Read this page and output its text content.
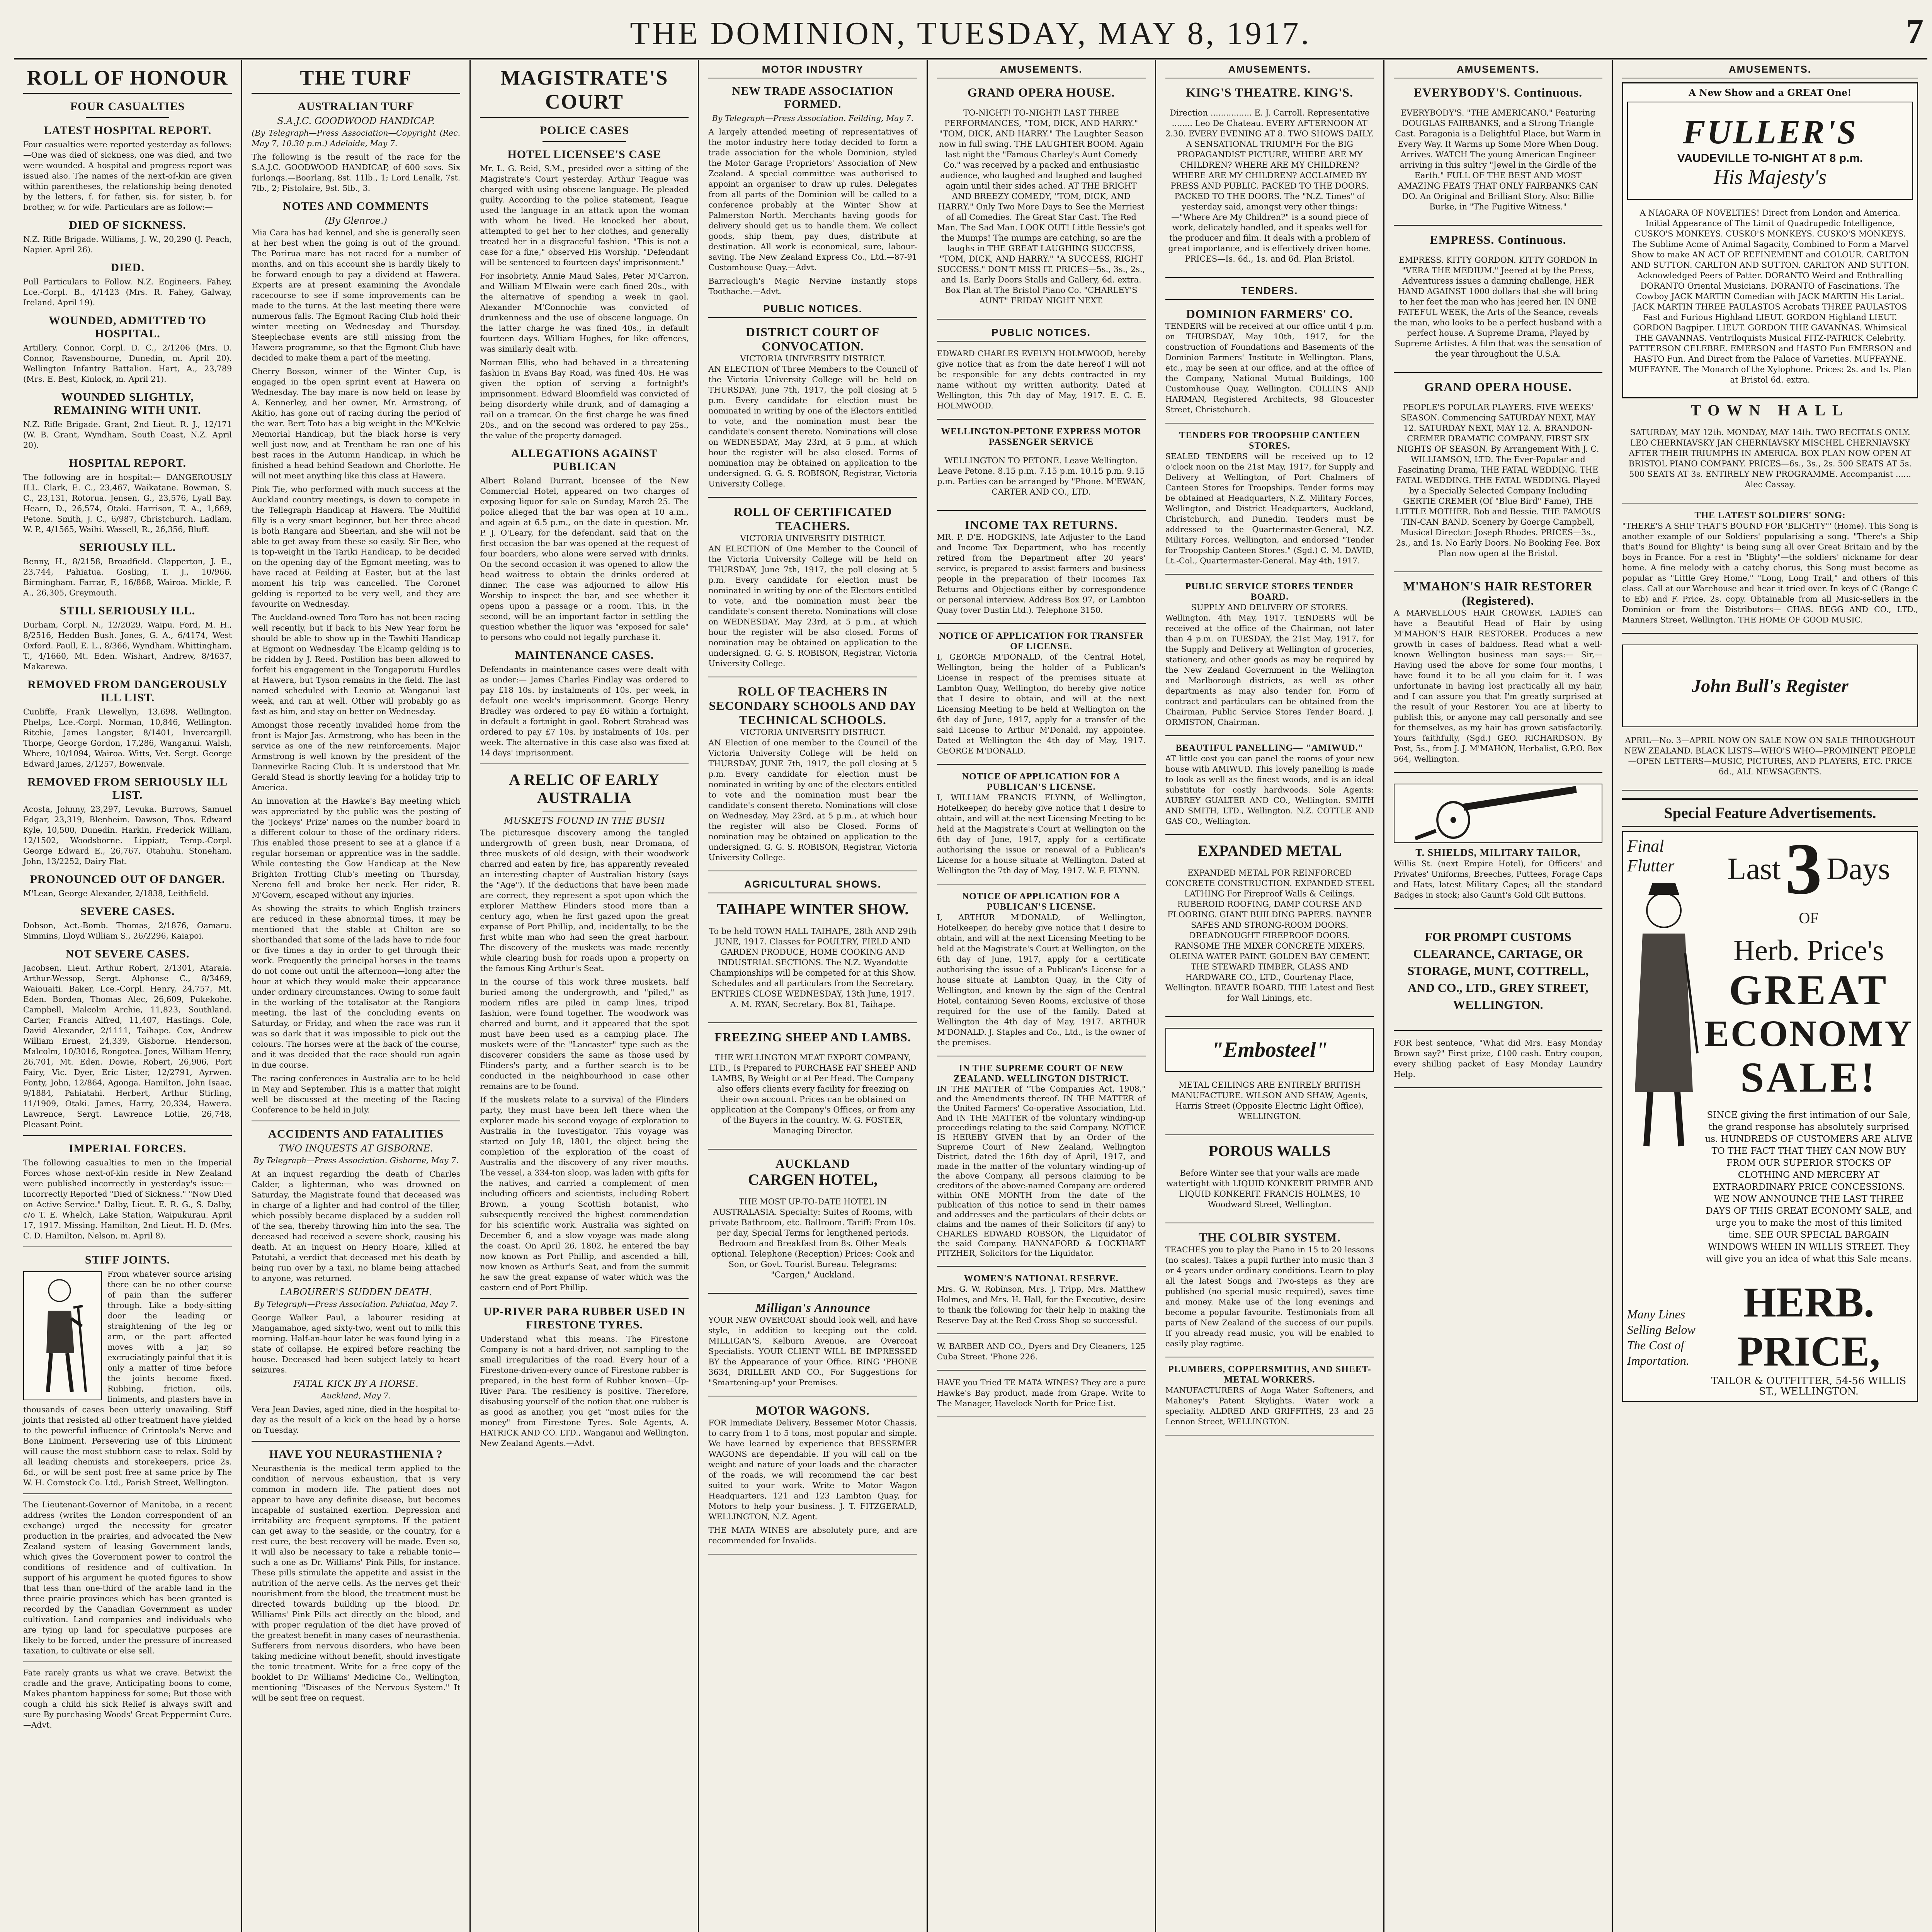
THE DOMINION, TUESDAY, MAY 8, 1917.	7
ROLL OF HONOUR
FOUR CASUALTIES
LATEST HOSPITAL REPORT.

Four casualties were reported yesterday as follows:—One was died of sickness, one was died, and two were wounded. A hospital and progress report was issued also. The names of the next-of-kin are given within parentheses, the relationship being denoted by the letters, f. for father, sis. for sister, b. for brother, w. for wife. Particulars are as follow:—

DIED OF SICKNESS.

N.Z. Rifle Brigade. Williams, J. W., 20,290 (J. Peach, Napier. April 26).

DIED.

Pull Particulars to Follow. N.Z. Engineers. Fahey, Lce.-Corpl. B., 4/1423 (Mrs. R. Fahey, Galway, Ireland. April 19).

WOUNDED, ADMITTED TO HOSPITAL.

Artillery. Connor, Corpl. D. C., 2/1206 (Mrs. D. Connor, Ravensbourne, Dunedin, m. April 20). Wellington Infantry Battalion. Hart, A., 23,789 (Mrs. E. Best, Kinlock, m. April 21).

WOUNDED SLIGHTLY, REMAINING WITH UNIT.

N.Z. Rifle Brigade. Grant, 2nd Lieut. R. J., 12/171 (W. B. Grant, Wyndham, South Coast, N.Z. April 20).

HOSPITAL REPORT.

The following are in hospital:— DANGEROUSLY ILL. Clark, E. C., 23,467, Waikatane. Bowman, S. C., 23,131, Rotorua. Jensen, G., 23,576, Lyall Bay. Hearn, D., 26,574, Otaki. Harrison, T. A., 1,669, Petone. Smith, J. C., 6/987, Christchurch. Ladlam, W. P., 4/1565, Waihi. Wassell, R., 26,356, Bluff.

SERIOUSLY ILL.

Benny, H., 8/2158, Broadfield. Clapperton, J. E., 23,744, Pahiatua. Gosling, T. J., 10/966, Birmingham. Farrar, F., 16/868, Wairoa. Mickle, F. A., 26,305, Greymouth.

STILL SERIOUSLY ILL.

Durham, Corpl. N., 12/2029, Waipu. Ford, M. H., 8/2516, Hedden Bush. Jones, G. A., 6/4174, West Oxford. Paull, E. L., 8/366, Wyndham. Whittingham, T., 4/1660, Mt. Eden. Wishart, Andrew, 8/4637, Makarewa.

REMOVED FROM DANGEROUSLY ILL LIST.

Cunliffe, Frank Llewellyn, 13,698, Wellington. Phelps, Lce.-Corpl. Norman, 10,846, Wellington. Ritchie, James Langster, 8/1401, Invercargill. Thorpe, George Gordon, 17,286, Wanganui. Walsh, Where, 10/1094, Wairoa. Witts, Vet. Sergt. George Edward James, 2/1257, Bowenvale.

REMOVED FROM SERIOUSLY ILL LIST.

Acosta, Johnny, 23,297, Levuka. Burrows, Samuel Edgar, 23,319, Blenheim. Dawson, Thos. Edward Kyle, 10,500, Dunedin. Harkin, Frederick William, 12/1502, Woodsborne. Lippiatt, Temp.-Corpl. George Edward E., 26,767, Otahuhu. Stoneham, John, 13/2252, Dairy Flat.

PRONOUNCED OUT OF DANGER.

M'Lean, George Alexander, 2/1838, Leithfield.

SEVERE CASES.

Dobson, Act.-Bomb. Thomas, 2/1876, Oamaru. Simmins, Lloyd William S., 26/2296, Kaiapoi.

NOT SEVERE CASES.

Jacobsen, Lieut. Arthur Robert, 2/1301, Ataraia. Arthur-Wessop, Sergt. Alphonse C., 8/3469, Waiouaiti. Baker, Lce.-Corpl. Henry, 24,757, Mt. Eden. Borden, Thomas Alec, 26,609, Pukekohe. Campbell, Malcolm Archie, 11,823, Southland. Carter, Francis Alfred, 11,407, Hastings. Cole, David Alexander, 2/1111, Taihape. Cox, Andrew William Ernest, 24,339, Gisborne. Henderson, Malcolm, 10/3016, Rongotea. Jones, William Henry, 26,701, Mt. Eden. Dowie, Robert, 26,906, Port Fairy, Vic. Dyer, Eric Lister, 12/2791, Ayrwen. Fonty, John, 12/864, Agonga. Hamilton, John Isaac, 9/1884, Pahiatahi. Herbert, Arthur Stirling, 11/1909, Otaki. James, Harry, 20,334, Hawera. Lawrence, Sergt. Lawrence Lotiie, 26,748, Pleasant Point.

IMPERIAL FORCES.

The following casualties to men in the Imperial Forces whose next-of-kin reside in New Zealand were published incorrectly in yesterday's issue:— Incorrectly Reported "Died of Sickness." "Now Died on Active Service." Dalby, Lieut. E. R. G., S. Dalby, c/o T. E. Whelch, Lake Station, Waipukurau. April 17, 1917. Missing. Hamilton, 2nd Lieut. H. D. (Mrs. C. D. Hamilton, Nelson, m. April 8).

STIFF JOINTS.

From whatever source arising there can be no other course of pain than the sufferer through. Like a body-sitting door the leading or straightening of the leg or arm, or the part affected moves with a jar, so excruciatingly painful that it is only a matter of time before the joints become fixed. Rubbing, friction, oils, liniments, and plasters have in thousands of cases been utterly unavailing. Stiff joints that resisted all other treatment have yielded to the powerful influence of Crintoola's Nerve and Bone Liniment. Persevering use of this Liniment will cause the most stubborn case to relax. Sold by all leading chemists and storekeepers, price 2s. 6d., or will be sent post free at same price by The W. H. Comstock Co. Ltd., Parish Street, Wellington.

The Lieutenant-Governor of Manitoba, in a recent address (writes the London correspondent of an exchange) urged the necessity for greater production in the prairies, and advocated the New Zealand system of leasing Government lands, which gives the Government power to control the conditions of residence and of cultivation. In support of his argument he quoted figures to show that less than one-third of the arable land in the three prairie provinces which has been granted is recorded by the Canadian Government as under cultivation. Land companies and individuals who are tying up land for speculative purposes are likely to be forced, under the pressure of increased taxation, to cultivate or else sell.

Fate rarely grants us what we crave. Betwixt the cradle and the grave, Anticipating boons to come, Makes phantom happiness for some; But those with cough a child his sick Relief is always swift and sure By purchasing Woods' Great Peppermint Cure.—Advt.

THE TURF
AUSTRALIAN TURF
S.A.J.C. GOODWOOD HANDICAP.

(By Telegraph—Press Association—Copyright (Rec. May 7, 10.30 p.m.) Adelaide, May 7.

The following is the result of the race for the S.A.J.C. GOODWOOD HANDICAP, of 600 sovs. Six furlongs.—Boorlang, 8st. 11lb., 1; Lord Lenalk, 7st. 7lb., 2; Pistolaire, 9st. 5lb., 3.

NOTES AND COMMENTS
(By Glenroe.)

Mia Cara has had kennel, and she is generally seen at her best when the going is out of the ground. The Porirua mare has not raced for a number of months, and on this account she is hardly likely to be forward enough to pay a dividend at Hawera. Experts are at present examining the Avondale racecourse to see if some improvements can be made to the turns. At the last meeting there were numerous falls. The Egmont Racing Club hold their winter meeting on Wednesday and Thursday. Steeplechase events are still missing from the Hawera programme, so that the Egmont Club have decided to make them a part of the meeting.

Cherry Bosson, winner of the Winter Cup, is engaged in the open sprint event at Hawera on Wednesday. The bay mare is now held on lease by A. Kennerley, and her owner, Mr. Armstrong, of Akitio, has gone out of racing during the period of the war. Bert Toto has a big weight in the M'Kelvie Memorial Handicap, but the black horse is very well just now, and at Trentham he ran one of his best races in the Autumn Handicap, in which he finished a head behind Seadown and Chorlotte. He will not meet anything like this class at Hawera.

Pink Tie, who performed with much success at the Auckland country meetings, is down to compete in the Tellegraph Handicap at Hawera. The Multifid filly is a very smart beginner, but her three ahead is both Rangara and Sheerian, and she will not be able to get away from these so easily. Sir Bee, who is top-weight in the Tariki Handicap, to be decided on the opening day of the Egmont meeting, was to have raced at Feilding at Easter, but at the last moment his trip was cancelled. The Coronet gelding is reported to be very well, and they are favourite on Wednesday.

The Auckland-owned Toro Toro has not been racing well recently, but if back to his New Year form he should be able to show up in the Tawhiti Handicap at Egmont on Wednesday. The Elcamp gelding is to be ridden by J. Reed. Postilion has been allowed to forfeit his engagement in the Tongaporutu Hurdles at Hawera, but Tyson remains in the field. The last named scheduled with Leonio at Wanganui last week, and ran at well. Other will probably go as fast as him, and stay on better on Wednesday.

Amongst those recently invalided home from the front is Major Jas. Armstrong, who has been in the service as one of the new reinforcements. Major Armstrong is well known by the president of the Dannevirke Racing Club. It is understood that Mr. Gerald Stead is shortly leaving for a holiday trip to America.

An innovation at the Hawke's Bay meeting which was appreciated by the public was the posting of the 'Jockeys' Prize' names on the number board in a different colour to those of the ordinary riders. This enabled those present to see at a glance if a regular horseman or apprentice was in the saddle. While contesting the Gow Handicap at the New Brighton Trotting Club's meeting on Thursday, Nereno fell and broke her neck. Her rider, R. M'Govern, escaped without any injuries.

As showing the straits to which English trainers are reduced in these abnormal times, it may be mentioned that the stable at Chilton are so shorthanded that some of the lads have to ride four or five times a day in order to get through their work. Frequently the principal horses in the teams do not come out until the afternoon—long after the hour at which they would make their appearance under ordinary circumstances. Owing to some fault in the working of the totalisator at the Rangiora meeting, the last of the concluding events on Saturday, or Friday, and when the race was run it was so dark that it was impossible to pick out the colours. The horses were at the back of the course, and it was decided that the race should run again in due course.

The racing conferences in Australia are to be held in May and September. This is a matter that might well be discussed at the meeting of the Racing Conference to be held in July.

ACCIDENTS AND FATALITIES
TWO INQUESTS AT GISBORNE.

By Telegraph—Press Association. Gisborne, May 7.

At an inquest regarding the death of Charles Calder, a lighterman, who was drowned on Saturday, the Magistrate found that deceased was in charge of a lighter and had control of the tiller, which possibly became displaced by a sudden roll of the sea, thereby throwing him into the sea. The deceased had received a severe shock, causing his death. At an inquest on Henry Hoare, killed at Patutahi, a verdict that deceased met his death by being run over by a taxi, no blame being attached to anyone, was returned.

LABOURER'S SUDDEN DEATH.

By Telegraph—Press Association. Pahiatua, May 7.

George Walker Paul, a labourer residing at Mangamahoe, aged sixty-two, went out to milk this morning. Half-an-hour later he was found lying in a state of collapse. He expired before reaching the house. Deceased had been subject lately to heart seizures.

FATAL KICK BY A HORSE.

Auckland, May 7.

Vera Jean Davies, aged nine, died in the hospital to-day as the result of a kick on the head by a horse on Tuesday.

HAVE YOU NEURASTHENIA ?

Neurasthenia is the medical term applied to the condition of nervous exhaustion, that is very common in modern life. The patient does not appear to have any definite disease, but becomes incapable of sustained exertion. Depression and irritability are frequent symptoms. If the patient can get away to the seaside, or the country, for a rest cure, the best recovery will be made. Even so, it will also be necessary to take a reliable tonic—such a one as Dr. Williams' Pink Pills, for instance. These pills stimulate the appetite and assist in the nutrition of the nerve cells. As the nerves get their nourishment from the blood, the treatment must be directed towards building up the blood. Dr. Williams' Pink Pills act directly on the blood, and with proper regulation of the diet have proved of the greatest benefit in many cases of neurasthenia. Sufferers from nervous disorders, who have been taking medicine without benefit, should investigate the tonic treatment. Write for a free copy of the booklet to Dr. Williams' Medicine Co., Wellington, mentioning "Diseases of the Nervous System." It will be sent free on request.

MAGISTRATE'S COURT
POLICE CASES
HOTEL LICENSEE'S CASE

Mr. L. G. Reid, S.M., presided over a sitting of the Magistrate's Court yesterday. Arthur Teague was charged with using obscene language. He pleaded guilty. According to the police statement, Teague used the language in an attack upon the woman with whom he lived. He knocked her about, attempted to get her to her clothes, and generally treated her in a disgraceful fashion. "This is not a case for a fine," observed His Worship. "Defendant will be sentenced to fourteen days' imprisonment."

For insobriety, Annie Maud Sales, Peter M'Carron, and William M'Elwain were each fined 20s., with the alternative of spending a week in gaol. Alexander M'Connochie was convicted of drunkenness and the use of obscene language. On the latter charge he was fined 40s., in default fourteen days. William Hughes, for like offences, was similarly dealt with.

Norman Ellis, who had behaved in a threatening fashion in Evans Bay Road, was fined 40s. He was given the option of serving a fortnight's imprisonment. Edward Bloomfield was convicted of being disorderly while drunk, and of damaging a rail on a tramcar. On the first charge he was fined 20s., and on the second was ordered to pay 25s., the value of the property damaged.

ALLEGATIONS AGAINST PUBLICAN

Albert Roland Durrant, licensee of the New Commercial Hotel, appeared on two charges of exposing liquor for sale on Sunday, March 25. The police alleged that the bar was open at 10 a.m., and again at 6.5 p.m., on the date in question. Mr. P. J. O'Leary, for the defendant, said that on the first occasion the bar was opened at the request of four boarders, who alone were served with drinks. On the second occasion it was opened to allow the head waitress to obtain the drinks ordered at dinner. The case was adjourned to allow His Worship to inspect the bar, and see whether it opens upon a passage or a room. This, in the second, will be an important factor in settling the question whether the liquor was "exposed for sale" to persons who could not legally purchase it.

MAINTENANCE CASES.

Defendants in maintenance cases were dealt with as under:— James Charles Findlay was ordered to pay £18 10s. by instalments of 10s. per week, in default one week's imprisonment. George Henry Bradley was ordered to pay £6 within a fortnight, in default a fortnight in gaol. Robert Strahead was ordered to pay £7 10s. by instalments of 10s. per week. The alternative in this case also was fixed at 14 days' imprisonment.

A RELIC OF EARLY AUSTRALIA
MUSKETS FOUND IN THE BUSH

The picturesque discovery among the tangled undergrowth of green bush, near Dromana, of three muskets of old design, with their woodwork charred and eaten by fire, has apparently revealed an interesting chapter of Australian history (says the "Age"). If the deductions that have been made are correct, they represent a spot upon which the explorer Matthew Flinders stood more than a century ago, when he first gazed upon the great expanse of Port Phillip, and, incidentally, to be the first white man who had seen the great harbour. The discovery of the muskets was made recently while clearing bush for roads upon a property on the famous King Arthur's Seat.

In the course of this work three muskets, half buried among the undergrowth, and "piled," as modern rifles are piled in camp lines, tripod fashion, were found together. The woodwork was charred and burnt, and it appeared that the spot must have been used as a camping place. The muskets were of the "Lancaster" type such as the discoverer considers the same as those used by Flinders's party, and a further search is to be conducted in the neighbourhood in case other remains are to be found.

If the muskets relate to a survival of the Flinders party, they must have been left there when the explorer made his second voyage of exploration to Australia in the Investigator. This voyage was started on July 18, 1801, the object being the completion of the exploration of the coast of Australia and the discovery of any river mouths. The vessel, a 334-ton sloop, was laden with gifts for the natives, and carried a complement of men including officers and scientists, including Robert Brown, a young Scottish botanist, who subsequently received the highest commendation for his scientific work. Australia was sighted on December 6, and a slow voyage was made along the coast. On April 26, 1802, he entered the bay now known as Port Phillip, and ascended a hill, now known as Arthur's Seat, and from the summit he saw the great expanse of water which was the eastern end of Port Phillip.

UP-RIVER PARA RUBBER USED IN FIRESTONE TYRES.

Understand what this means. The Firestone Company is not a hard-driver, not sampling to the small irregularities of the road. Every hour of a Firestone-driven-every ounce of Firestone rubber is prepared, in the best form of Rubber known—Up-River Para. The resiliency is positive. Therefore, disabusing yourself of the notion that one rubber is as good as another, you get "most miles for the money" from Firestone Tyres. Sole Agents, A. HATRICK AND CO. LTD., Wanganui and Wellington, New Zealand Agents.—Advt.

MOTOR INDUSTRY
NEW TRADE ASSOCIATION FORMED.

By Telegraph—Press Association. Feilding, May 7.

A largely attended meeting of representatives of the motor industry here today decided to form a trade association for the whole Dominion, styled the Motor Garage Proprietors' Association of New Zealand. A special committee was authorised to appoint an organiser to draw up rules. Delegates from all parts of the Dominion will be called to a conference probably at the Winter Show at Palmerston North. Merchants having goods for delivery should get us to handle them. We collect goods, ship them, pay dues, distribute at destination. All work is economical, sure, labour-saving. The New Zealand Express Co., Ltd.—87-91 Customhouse Quay.—Advt.

Barraclough's Magic Nervine instantly stops Toothache.—Advt.

PUBLIC NOTICES.
DISTRICT COURT OF CONVOCATION.
VICTORIA UNIVERSITY DISTRICT.

AN ELECTION of Three Members to the Council of the Victoria University College will be held on THURSDAY, June 7th, 1917, the poll closing at 5 p.m. Every candidate for election must be nominated in writing by one of the Electors entitled to vote, and the nomination must bear the candidate's consent thereto. Nominations will close on WEDNESDAY, May 23rd, at 5 p.m., at which hour the register will be also closed. Forms of nomination may be obtained on application to the undersigned. G. G. S. ROBISON, Registrar, Victoria University College.

ROLL OF CERTIFICATED TEACHERS.
VICTORIA UNIVERSITY DISTRICT.

AN ELECTION of One Member to the Council of the Victoria University College will be held on THURSDAY, June 7th, 1917, the poll closing at 5 p.m. Every candidate for election must be nominated in writing by one of the Electors entitled to vote, and the nomination must bear the candidate's consent thereto. Nominations will close on WEDNESDAY, May 23rd, at 5 p.m., at which hour the register will be also closed. Forms of nomination may be obtained on application to the undersigned. G. G. S. ROBISON, Registrar, Victoria University College.

ROLL OF TEACHERS IN SECONDARY SCHOOLS AND DAY TECHNICAL SCHOOLS.
VICTORIA UNIVERSITY DISTRICT.

AN Election of one member to the Council of the Victoria University College will be held on THURSDAY, JUNE 7th, 1917, the poll closing at 5 p.m. Every candidate for election must be nominated in writing by one of the electors entitled to vote and the nomination must bear the candidate's consent thereto. Nominations will close on Wednesday, May 23rd, at 5 p.m., at which hour the register will also be Closed. Forms of nomination may be obtained on application to the undersigned. G. G. S. ROBISON, Registrar, Victoria University College.

AGRICULTURAL SHOWS.
TAIHAPE WINTER SHOW.

To be held TOWN HALL TAIHAPE, 28th AND 29th JUNE, 1917. Classes for POULTRY, FIELD AND GARDEN PRODUCE, HOME COOKING AND INDUSTRIAL SECTIONS. The N.Z. Wyandotte Championships will be competed for at this Show. Schedules and all particulars from the Secretary. ENTRIES CLOSE WEDNESDAY, 13th June, 1917. A. M. RYAN, Secretary. Box 81, Taihape.

FREEZING SHEEP AND LAMBS.

THE WELLINGTON MEAT EXPORT COMPANY, LTD., Is Prepared to PURCHASE FAT SHEEP AND LAMBS, By Weight or at Per Head. The Company also offers clients every facility for freezing on their own account. Prices can be obtained on application at the Company's Offices, or from any of the Buyers in the country. W. G. FOSTER, Managing Director.

AUCKLAND
CARGEN HOTEL,

THE MOST UP-TO-DATE HOTEL IN AUSTRALASIA. Specialty: Suites of Rooms, with private Bathroom, etc. Ballroom. Tariff: From 10s. per day, Special Terms for lengthened periods. Bedroom and Breakfast from 8s. Other Meals optional. Telephone (Reception) Prices: Cook and Son, or Govt. Tourist Bureau. Telegrams: "Cargen," Auckland.

Milligan's Announce

YOUR NEW OVERCOAT should look well, and have style, in addition to keeping out the cold. MILLIGAN'S, Kelburn Avenue, are Overcoat Specialists. YOUR CLIENT WILL BE IMPRESSED BY the Appearance of your Office. RING 'PHONE 3634, DRILLER AND CO., For Suggestions for "Smartening-up" your Premises.

MOTOR WAGONS.

FOR Immediate Delivery, Bessemer Motor Chassis, to carry from 1 to 5 tons, most popular and simple. We have learned by experience that BESSEMER WAGONS are dependable. If you will call on the weight and nature of your loads and the character of the roads, we will recommend the car best suited to your work. Write to Motor Wagon Headquarters, 121 and 123 Lambton Quay, for Motors to help your business. J. T. FITZGERALD, WELLINGTON, N.Z. Agent.

THE MATA WINES are absolutely pure, and are recommended for Invalids.

AMUSEMENTS.
GRAND OPERA HOUSE.

TO-NIGHT! TO-NIGHT! LAST THREE PERFORMANCES, "TOM, DICK, AND HARRY." "TOM, DICK, AND HARRY." The Laughter Season now in full swing. THE LAUGHTER BOOM. Again last night the "Famous Charley's Aunt Comedy Co." was received by a packed and enthusiastic audience, who laughed and laughed and laughed again until their sides ached. AT THE BRIGHT AND BREEZY COMEDY, "TOM, DICK, AND HARRY." Only Two More Days to See the Merriest of all Comedies. The Great Star Cast. The Red Man. The Sad Man. LOOK OUT! Little Bessie's got the Mumps! The mumps are catching, so are the laughs in THE GREAT LAUGHING SUCCESS, "TOM, DICK, AND HARRY." "A SUCCESS, RIGHT SUCCESS." DON'T MISS IT. PRICES—5s., 3s., 2s., and 1s. Early Doors Stalls and Gallery, 6d. extra. Box Plan at The Bristol Piano Co. "CHARLEY'S AUNT" FRIDAY NIGHT NEXT.

PUBLIC NOTICES.

EDWARD CHARLES EVELYN HOLMWOOD, hereby give notice that as from the date hereof I will not be responsible for any debts contracted in my name without my written authority. Dated at Wellington, this 7th day of May, 1917. E. C. E. HOLMWOOD.

WELLINGTON-PETONE EXPRESS MOTOR PASSENGER SERVICE

WELLINGTON TO PETONE. Leave Wellington. Leave Petone. 8.15 p.m. 7.15 p.m. 10.15 p.m. 9.15 p.m. Parties can be arranged by "Phone. M'EWAN, CARTER AND CO., LTD.

INCOME TAX RETURNS.

MR. P. D'E. HODGKINS, late Adjuster to the Land and Income Tax Department, who has recently retired from the Department after 20 years' service, is prepared to assist farmers and business people in the preparation of their Incomes Tax Returns and Objections either by correspondence or personal interview. Address Box 97, or Lambton Quay (over Dustin Ltd.). Telephone 3150.

NOTICE OF APPLICATION FOR TRANSFER OF LICENSE.

I, GEORGE M'DONALD, of the Central Hotel, Wellington, being the holder of a Publican's License in respect of the premises situate at Lambton Quay, Wellington, do hereby give notice that I desire to obtain, and will at the next Licensing Meeting to be held at Wellington on the 6th day of June, 1917, apply for a transfer of the said License to Arthur M'Donald, my appointee. Dated at Wellington the 4th day of May, 1917. GEORGE M'DONALD.

NOTICE OF APPLICATION FOR A PUBLICAN'S LICENSE.

I, WILLIAM FRANCIS FLYNN, of Wellington, Hotelkeeper, do hereby give notice that I desire to obtain, and will at the next Licensing Meeting to be held at the Magistrate's Court at Wellington on the 6th day of June, 1917, apply for a certificate authorising the issue or renewal of a Publican's License for a house situate at Wellington. Dated at Wellington the 7th day of May, 1917. W. F. FLYNN.

NOTICE OF APPLICATION FOR A PUBLICAN'S LICENSE.

I, ARTHUR M'DONALD, of Wellington, Hotelkeeper, do hereby give notice that I desire to obtain, and will at the next Licensing Meeting to be held at the Magistrate's Court at Wellington, on the 6th day of June, 1917, apply for a certificate authorising the issue of a Publican's License for a house situate at Lambton Quay, in the City of Wellington, and known by the sign of the Central Hotel, containing Seven Rooms, exclusive of those required for the use of the family. Dated at Wellington the 4th day of May, 1917. ARTHUR M'DONALD. J. Staples and Co., Ltd., is the owner of the premises.

IN THE SUPREME COURT OF NEW ZEALAND. WELLINGTON DISTRICT.

IN THE MATTER of "The Companies Act, 1908," and the Amendments thereof. IN THE MATTER of the United Farmers' Co-operative Association, Ltd. And IN THE MATTER of the voluntary winding-up proceedings relating to the said Company. NOTICE IS HEREBY GIVEN that by an Order of the Supreme Court of New Zealand, Wellington District, dated the 16th day of April, 1917, and made in the matter of the voluntary winding-up of the above Company, all persons claiming to be creditors of the above-named Company are ordered within ONE MONTH from the date of the publication of this notice to send in their names and addresses and the particulars of their debts or claims and the names of their Solicitors (if any) to CHARLES EDWARD ROBSON, the Liquidator of the said Company. HANNAFORD & LOCKHART PITZHER, Solicitors for the Liquidator.

WOMEN'S NATIONAL RESERVE.

Mrs. G. W. Robinson, Mrs. J. Tripp, Mrs. Matthew Holmes, and Mrs. H. Hall, for the Executive, desire to thank the following for their help in making the Reserve Day at the Red Cross Shop so successful.

W. BARBER AND CO., Dyers and Dry Cleaners, 125 Cuba Street. 'Phone 226.

HAVE you Tried TE MATA WINES? They are a pure Hawke's Bay product, made from Grape. Write to The Manager, Havelock North for Price List.

AMUSEMENTS.
KING'S THEATRE. KING'S.

Direction ................ E. J. Carroll. Representative ........ Leo De Chateau. EVERY AFTERNOON AT 2.30. EVERY EVENING AT 8. TWO SHOWS DAILY. A SENSATIONAL TRIUMPH For the BIG PROPAGANDIST PICTURE, WHERE ARE MY CHILDREN? WHERE ARE MY CHILDREN? WHERE ARE MY CHILDREN? ACCLAIMED BY PRESS AND PUBLIC. PACKED TO THE DOORS. PACKED TO THE DOORS. The "N.Z. Times" of yesterday said, amongst very other things:—"Where Are My Children?" is a sound piece of work, delicately handled, and it speaks well for the producer and film. It deals with a problem of great importance, and is effectively driven home. PRICES—Is. 6d., 1s. and 6d. Plan Bristol.

TENDERS.
DOMINION FARMERS' CO.

TENDERS will be received at our office until 4 p.m. on THURSDAY, May 10th, 1917, for the construction of Foundations and Basements of the Dominion Farmers' Institute in Wellington. Plans, etc., may be seen at our office, and at the office of the Company, National Mutual Buildings, 100 Customhouse Quay, Wellington. COLLINS AND HARMAN, Registered Architects, 98 Gloucester Street, Christchurch.

TENDERS FOR TROOPSHIP CANTEEN STORES.

SEALED TENDERS will be received up to 12 o'clock noon on the 21st May, 1917, for Supply and Delivery at Wellington, of Port Chalmers of Canteen Stores for Troopships. Tender forms may be obtained at Headquarters, N.Z. Military Forces, Wellington, and District Headquarters, Auckland, Christchurch, and Dunedin. Tenders must be addressed to the Quartermaster-General, N.Z. Military Forces, Wellington, and endorsed "Tender for Troopship Canteen Stores." (Sgd.) C. M. DAVID, Lt.-Col., Quartermaster-General. May 4th, 1917.

PUBLIC SERVICE STORES TENDER BOARD.
SUPPLY AND DELIVERY OF STORES.

Wellington, 4th May, 1917. TENDERS will be received at the office of the Chairman, not later than 4 p.m. on TUESDAY, the 21st May, 1917, for the Supply and Delivery at Wellington of groceries, stationery, and other goods as may be required by the New Zealand Government in the Wellington and Marlborough districts, as well as other departments as may also tender for. Form of contract and particulars can be obtained from the Chairman, Public Service Stores Tender Board. J. ORMISTON, Chairman.

BEAUTIFUL PANELLING— "AMIWUD."

AT little cost you can panel the rooms of your new house with AMIWUD. This lovely panelling is made to look as well as the finest woods, and is an ideal substitute for costly hardwoods. Sole Agents: AUBREY GUALTER AND CO., Wellington. SMITH AND SMITH, LTD., Wellington. N.Z. COTTLE AND GAS CO., Wellington.

EXPANDED METAL

EXPANDED METAL FOR REINFORCED CONCRETE CONSTRUCTION. EXPANDED STEEL LATHING For Fireproof Walls & Ceilings. RUBEROID ROOFING, DAMP COURSE AND FLOORING. GIANT BUILDING PAPERS. BAYNER SAFES AND STRONG-ROOM DOORS. DREADNOUGHT FIREPROOF DOORS. RANSOME THE MIXER CONCRETE MIXERS. OLEINA WATER PAINT. GOLDEN BAY CEMENT. THE STEWARD TIMBER, GLASS AND HARDWARE CO., LTD., Courtenay Place, Wellington. BEAVER BOARD. THE Latest and Best for Wall Linings, etc.

"Embosteel"

METAL CEILINGS ARE ENTIRELY BRITISH MANUFACTURE. WILSON AND SHAW, Agents, Harris Street (Opposite Electric Light Office), WELLINGTON.

POROUS WALLS

Before Winter see that your walls are made watertight with LIQUID KONKERIT PRIMER AND LIQUID KONKERIT. FRANCIS HOLMES, 10 Woodward Street, Wellington.

THE COLBIR SYSTEM.

TEACHES you to play the Piano in 15 to 20 lessons (no scales). Takes a pupil further into music than 3 or 4 years under ordinary conditions. Learn to play all the latest Songs and Two-steps as they are published (no special music required), saves time and money. Make use of the long evenings and become a popular favourite. Testimonials from all parts of New Zealand of the success of our pupils. If you already read music, you will be enabled to easily play ragtime.

PLUMBERS, COPPERSMITHS, AND SHEET-METAL WORKERS.

MANUFACTURERS of Aoga Water Softeners, and Mahoney's Patent Skylights. Water work a speciality. ALDRED AND GRIFFITHS, 23 and 25 Lennon Street, WELLINGTON.

AMUSEMENTS.
EVERYBODY'S. Continuous.

EVERYBODY'S. "THE AMERICANO," Featuring DOUGLAS FAIRBANKS, and a Strong Triangle Cast. Paragonia is a Delightful Place, but Warm in Every Way. It Warms up Some More When Doug. Arrives. WATCH The young American Engineer arriving in this sultry "Jewel in the Girdle of the Earth." FULL OF THE BEST AND MOST AMAZING FEATS THAT ONLY FAIRBANKS CAN DO. An Original and Brilliant Story. Also: Billie Burke, in "The Fugitive Witness."

EMPRESS. Continuous.

EMPRESS. KITTY GORDON. KITTY GORDON In "VERA THE MEDIUM." Jeered at by the Press, Adventuress issues a damning challenge, HER HAND AGAINST 1000 dollars that she will bring to her feet the man who has jeered her. IN ONE FATEFUL WEEK, the Arts of the Seance, reveals the man, who looks to be a perfect husband with a perfect house. A Supreme Drama, Played by Supreme Artistes. A film that was the sensation of the year throughout the U.S.A.

GRAND OPERA HOUSE.

PEOPLE'S POPULAR PLAYERS. FIVE WEEKS' SEASON. Commencing SATURDAY NEXT, MAY 12. SATURDAY NEXT, MAY 12. A. BRANDON-CREMER DRAMATIC COMPANY. FIRST SIX NIGHTS OF SEASON. By Arrangement With J. C. WILLIAMSON, LTD. The Ever-Popular and Fascinating Drama, THE FATAL WEDDING. THE FATAL WEDDING. THE FATAL WEDDING. Played by a Specially Selected Company Including GERTIE CREMER (Of "Blue Bird" Fame), THE LITTLE MOTHER. Bob and Bessie. THE FAMOUS TIN-CAN BAND. Scenery by Goerge Campbell, Musical Director: Joseph Rhodes. PRICES—3s., 2s., and 1s. No Early Doors. No Booking Fee. Box Plan now open at the Bristol.

M'MAHON'S HAIR RESTORER (Registered).

A MARVELLOUS HAIR GROWER. LADIES can have a Beautiful Head of Hair by using M'MAHON'S HAIR RESTORER. Produces a new growth in cases of baldness. Read what a well-known Wellington business man says:— Sir,—Having used the above for some four months, I have found it to be all you claim for it. I was unfortunate in having lost practically all my hair, and I can assure you that I'm greatly surprised at the result of your Restorer. You are at liberty to publish this, or anyone may call personally and see for themselves, as my hair has grown satisfactorily. Yours faithfully, (Sgd.) GEO. RICHARDSON. By Post, 5s., from J. J. M'MAHON, Herbalist, G.P.O. Box 564, Wellington.

T. SHIELDS, MILITARY TAILOR,

Willis St. (next Empire Hotel), for Officers' and Privates' Uniforms, Breeches, Puttees, Forage Caps and Hats, latest Military Capes; all the standard Badges in stock; also Gaunt's Gold Gilt Buttons.

FOR PROMPT CUSTOMS CLEARANCE, CARTAGE, OR STORAGE, MUNT, COTTRELL, AND CO., LTD., GREY STREET, WELLINGTON.

FOR best sentence, "What did Mrs. Easy Monday Brown say?" First prize, £100 cash. Entry coupon, every shilling packet of Easy Monday Laundry Help.

AMUSEMENTS.
A New Show and a GREAT One!
FULLER'S
VAUDEVILLE TO-NIGHT AT 8 p.m.
His Majesty's

A NIAGARA OF NOVELTIES! Direct from London and America. Initial Appearance of The Limit of Quadrupedic Intelligence, CUSKO'S MONKEYS. CUSKO'S MONKEYS. CUSKO'S MONKEYS. The Sublime Acme of Animal Sagacity, Combined to Form a Marvel Show to make AN ACT OF REFINEMENT and COLOUR. CARLTON AND SUTTON. CARLTON AND SUTTON. CARLTON AND SUTTON. Acknowledged Peers of Patter. DORANTO Weird and Enthralling DORANTO Oriental Musicians. DORANTO of Fascinations. The Cowboy JACK MARTIN Comedian with JACK MARTIN His Lariat. JACK MARTIN THREE PAULASTOS Acrobats THREE PAULASTOS Fast and Furious Highland LIEUT. GORDON Highland LIEUT. GORDON Bagpiper. LIEUT. GORDON THE GAVANNAS. Whimsical THE GAVANNAS. Ventriloquists Musical FITZ-PATRICK Celebrity. PATTERSON CELEBRE. EMERSON and HASTO Fun EMERSON and HASTO Fun. And Direct from the Palace of Varieties. MUFFAYNE. MUFFAYNE. The Monarch of the Xylophone. Prices: 2s. and 1s. Plan at Bristol 6d. extra.

TOWN HALL

SATURDAY, MAY 12th. MONDAY, MAY 14th. TWO RECITALS ONLY. LEO CHERNIAVSKY JAN CHERNIAVSKY MISCHEL CHERNIAVSKY AFTER THEIR TRIUMPHS IN AMERICA. BOX PLAN NOW OPEN AT BRISTOL PIANO COMPANY. PRICES—6s., 3s., 2s. 500 SEATS AT 5s. 500 SEATS AT 3s. ENTIRELY NEW PROGRAMME. Accompanist ...... Alec Cassay.

THE LATEST SOLDIERS' SONG:

"THERE'S A SHIP THAT'S BOUND FOR 'BLIGHTY'" (Home). This Song is another example of our Soldiers' popularising a song. "There's a Ship that's Bound for Blighty" is being sung all over Great Britain and by the boys in France. For a rest in "Blighty"—the soldiers' nickname for dear home. A fine melody with a catchy chorus, this Song must become as popular as "Little Grey Home," "Long, Long Trail," and others of this class. Call at our Warehouse and hear it tried over. In keys of C (Range C to Eb) and F. Price, 2s. copy. Obtainable from all Music-sellers in the Dominion or from the Distributors— CHAS. BEGG AND CO., LTD., Manners Street, Wellington. THE HOME OF GOOD MUSIC.

John Bull's Register

APRIL—No. 3—APRIL NOW ON SALE NOW ON SALE THROUGHOUT NEW ZEALAND. BLACK LISTS—WHO'S WHO—PROMINENT PEOPLE—OPEN LETTERS—MUSIC, PICTURES, AND PLAYERS, ETC. PRICE 6d., ALL NEWSAGENTS.

Special Feature Advertisements.
Final
Flutter	Last 3 Days
OF
Herb. Price's
GREAT
ECONOMY
SALE!

SINCE giving the first intimation of our Sale, the grand response has absolutely surprised us. HUNDREDS OF CUSTOMERS ARE ALIVE TO THE FACT THAT THEY CAN NOW BUY FROM OUR SUPERIOR STOCKS OF CLOTHING AND MERCERY AT EXTRAORDINARY PRICE CONCESSIONS. WE NOW ANNOUNCE THE LAST THREE DAYS OF THIS GREAT ECONOMY SALE, and urge you to make the most of this limited time. SEE OUR SPECIAL BARGAIN WINDOWS WHEN IN WILLIS STREET. They will give you an idea of what this Sale means.

Many Lines Selling Below The Cost of Importation.
HERB. PRICE,
TAILOR & OUTFITTER, 54-56 WILLIS ST., WELLINGTON.
